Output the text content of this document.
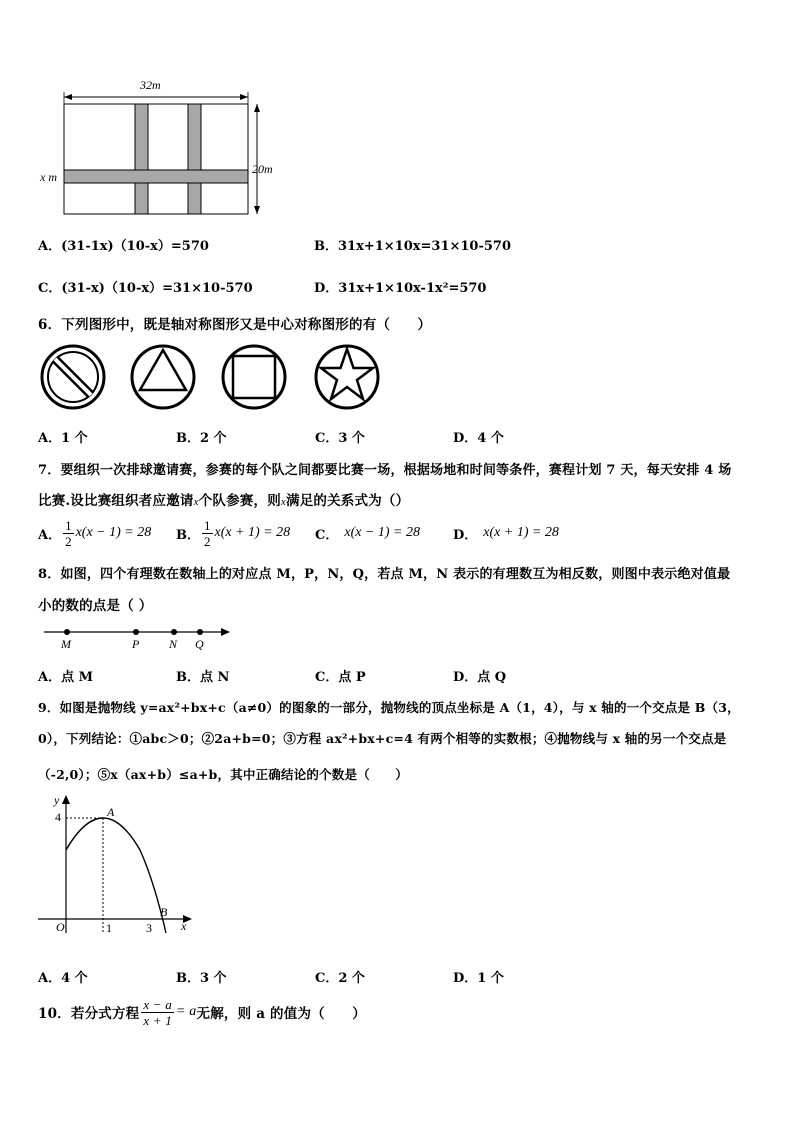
32m
20m
x m
A．(31-1x)（10-x）=570	B．31x+1×10x=31×10-570
C．(31-x)（10-x）=31×10-570	D．31x+1×10x-1x²=570
6．下列图形中，既是轴对称图形又是中心对称图形的有（　　）
A．1 个	B．2 个	C．3 个	D．4 个
7．要组织一次排球邀请赛，参赛的每个队之间都要比赛一场，根据场地和时间等条件，赛程计划 7 天，每天安排 4 场
比赛.设比赛组织者应邀请x个队参赛，则x满足的关系式为（）
A． $\frac{1}{2} x(x - 1) = 28$ B． $\frac{1}{2} x(x + 1) = 28$ C． x(x − 1) = 28	D． x(x + 1) = 28
8．如图，四个有理数在数轴上的对应点 M，P，N，Q，若点 M，N 表示的有理数互为相反数，则图中表示绝对值最
小的数的点是（ ）
M	P N Q
A．点 M	B．点 N	C．点 P	D．点 Q
9．如图是抛物线 y=ax²+bx+c（a≠0）的图象的一部分，抛物线的顶点坐标是 A（1，4），与 x 轴的一个交点是 B（3，
0），下列结论：①abc＞0；②2a+b=0；③方程 ax²+bx+c=4 有两个相等的实数根；④抛物线与 x 轴的另一个交点是
（-2,0）；⑤x（ax+b）≤a+b，其中正确结论的个数是（　　）
y
x
O
A
B
4
1	3
A．4 个	B．3 个	C．2 个	D．1 个
10．若分式方程 $\frac{x - a}{x + 1} = a$ 无解，则 a 的值为（　　）
